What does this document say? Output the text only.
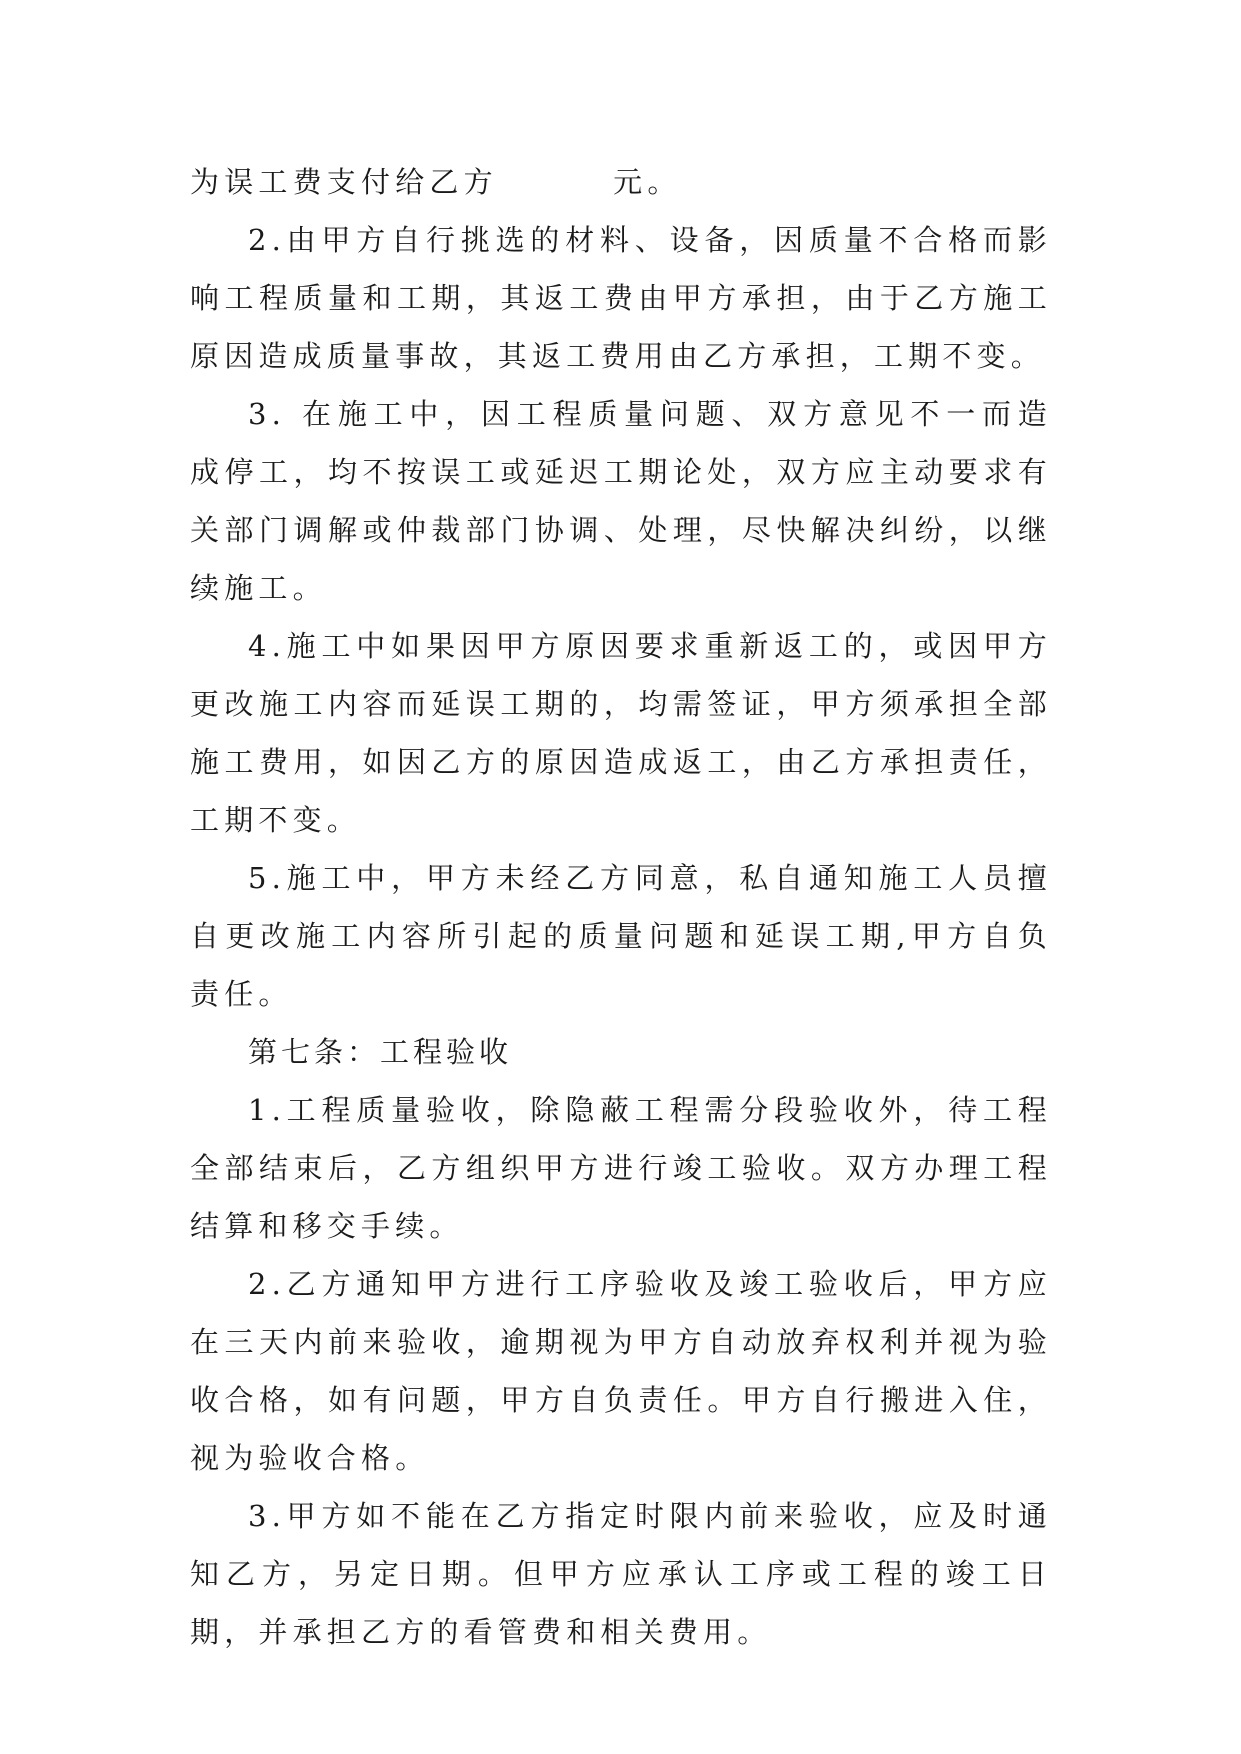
为误工费支付给乙方        元。

2.由甲方自行挑选的材料、设备，因质量不合格而影响工程质量和工期，其返工费由甲方承担，由于乙方施工原因造成质量事故，其返工费用由乙方承担，工期不变。

3. 在施工中，因工程质量问题、双方意见不一而造成停工，均不按误工或延迟工期论处，双方应主动要求有关部门调解或仲裁部门协调、处理，尽快解决纠纷，以继续施工。

4.施工中如果因甲方原因要求重新返工的，或因甲方更改施工内容而延误工期的，均需签证，甲方须承担全部施工费用，如因乙方的原因造成返工，由乙方承担责任，工期不变。

5.施工中，甲方未经乙方同意，私自通知施工人员擅自更改施工内容所引起的质量问题和延误工期,甲方自负责任。

第七条：工程验收

1.工程质量验收，除隐蔽工程需分段验收外，待工程全部结束后，乙方组织甲方进行竣工验收。双方办理工程结算和移交手续。

2.乙方通知甲方进行工序验收及竣工验收后，甲方应在三天内前来验收，逾期视为甲方自动放弃权利并视为验收合格，如有问题，甲方自负责任。甲方自行搬进入住，视为验收合格。

3.甲方如不能在乙方指定时限内前来验收，应及时通知乙方，另定日期。但甲方应承认工序或工程的竣工日期，并承担乙方的看管费和相关费用。
